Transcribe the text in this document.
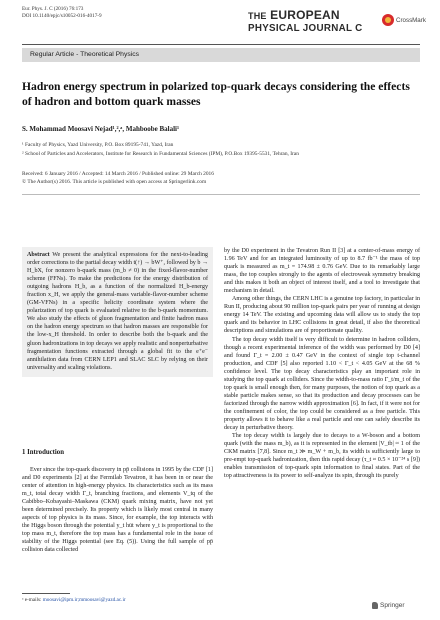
Eur. Phys. J. C (2016) 76:173
DOI 10.1140/epjc/s10052-016-4017-9	THE EUROPEAN
PHYSICAL JOURNAL C
CrossMark
Regular Article - Theoretical Physics
Hadron energy spectrum in polarized top-quark decays considering the effects of hadron and bottom quark masses
S. Mohammad Moosavi Nejad¹,²,ᵃ, Mahboobe Balali¹
¹ Faculty of Physics, Yazd University, P.O. Box 89195-741, Yazd, Iran
² School of Particles and Accelerators, Institute for Research in Fundamental Sciences (IPM), P.O.Box 19395-5531, Tehran, Iran
Received: 6 January 2016 / Accepted: 14 March 2016 / Published online: 29 March 2016
© The Author(s) 2016. This article is published with open access at Springerlink.com

Abstract We present the analytical expressions for the next-to-leading order corrections to the partial decay width t(↑) → bW⁺, followed by b → H_bX, for nonzero b-quark mass (m_b ≠ 0) in the fixed-flavor-number scheme (FFNs). To make the predictions for the energy distribution of outgoing hadrons H_b, as a function of the normalized H_b-energy fraction x_H, we apply the general-mass variable-flavor-number scheme (GM-VFNs) in a specific helicity coordinate system where the polarization of top quark is evaluated relative to the b-quark momentum. We also study the effects of gluon fragmentation and finite hadron mass on the hadron energy spectrum so that hadron masses are responsible for the low-x_H threshold. In order to describe both the b-quark and the gluon hadronizations in top decays we apply realistic and nonperturbative fragmentation functions extracted through a global fit to the e⁺e⁻ annihilation data from CERN LEP1 and SLAC SLC by relying on their universality and scaling violations.

1 Introduction

Ever since the top-quark discovery in pp̄ collisions in 1995 by the CDF [1] and D0 experiments [2] at the Fermilab Tevatron, it has been in or near the center of attention in high-energy physics. Its characteristics such as its mass m_t, total decay width Γ_t, branching fractions, and elements V_tq of the Cabibbo–Kobayashi–Maskawa (CKM) quark mixing matrix, have not yet been determined precisely. Its property which is likely most central in many aspects of top physics is its mass. Since, for example, the top interacts with the Higgs boson through the potential y_t hūt where y_t is proportional to the top mass m_t, therefore the top mass has a fundamental role in the issue of stability of the Higgs potential (see Eq. (5)). Using the full sample of pp̄ collision data collected

by the D0 experiment in the Tevatron Run II [3] at a center-of-mass energy of 1.96 TeV and for an integrated luminosity of up to 8.7 fb⁻¹ the mass of top quark is measured as m_t = 174.98 ± 0.76 GeV. Due to its remarkably large mass, the top couples strongly to the agents of electroweak symmetry breaking and this makes it both an object of interest itself, and a tool to investigate that mechanism in detail.

Among other things, the CERN LHC is a genuine top factory, in particular in Run II, producing about 90 million top-quark pairs per year of running at design energy 14 TeV. The existing and upcoming data will allow us to study the top quark and its behavior in LHC collisions in great detail, if also the theoretical descriptions and simulations are of proportionate quality.

The top decay width itself is very difficult to determine in hadron colliders, though a recent experimental inference of the width was performed by D0 [4] and found Γ_t = 2.00 ± 0.47 GeV in the context of single top t-channel production, and CDF [5] also reported 1.10 < Γ_t < 4.05 GeV at the 68 % confidence level. The top decay characteristics play an important role in studying the top quark at colliders. Since the width-to-mass ratio Γ_t/m_t of the top quark is small enough then, for many purposes, the notion of top quark as a stable particle makes sense, so that its production and decay processes can be factorized through the narrow width approximation [6]. In fact, if it were not for the confinement of color, the top could be considered as a free particle. This property allows it to behave like a real particle and one can safely describe its decay in perturbative theory.

The top decay width is largely due to decays to a W-boson and a bottom quark (with the mass m_b), as it is represented in the element |V_tb| ≈ 1 of the CKM matrix [7,8]. Since m_t ≫ m_W + m_b, its width is sufficiently large to pre-empt top-quark hadronization, then this rapid decay (τ_t ≈ 0.5 × 10⁻²⁴ s [9]) enables transmission of top-quark spin information to final states. Part of the top attractiveness is its power to self-analyze its spin, through its purely

ᵃ e-mails: moosavi@ipm.ir;mmoosavi@yazd.ac.ir
Springer
